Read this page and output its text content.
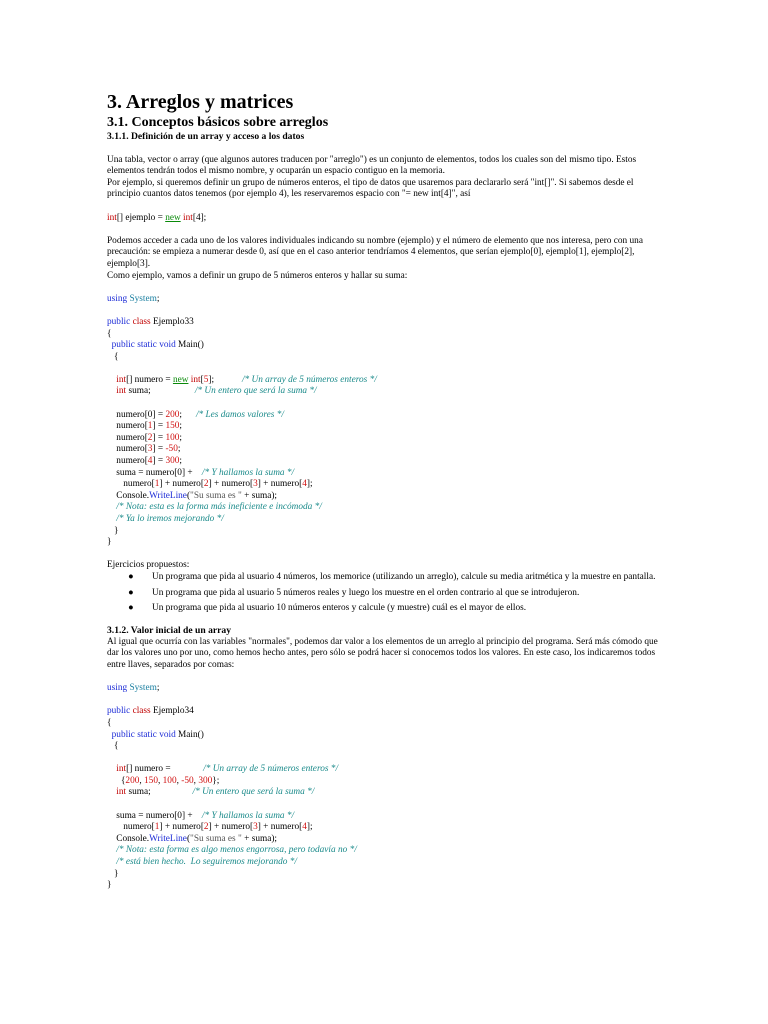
3. Arreglos y matrices
3.1. Conceptos básicos sobre arreglos
3.1.1. Definición de un array y acceso a los datos

Una tabla, vector o array (que algunos autores traducen por "arreglo") es un conjunto de elementos, todos los cuales son del mismo tipo. Estos elementos tendrán todos el mismo nombre, y ocuparán un espacio contiguo en la memoria.

Por ejemplo, si queremos definir un grupo de números enteros, el tipo de datos que usaremos para declararlo será "int[]". Si sabemos desde el principio cuantos datos tenemos (por ejemplo 4), les reservaremos espacio con "= new int[4]", así

int[] ejemplo = new int[4];

Podemos acceder a cada uno de los valores individuales indicando su nombre (ejemplo) y el número de elemento que nos interesa, pero con una precaución: se empieza a numerar desde 0, así que en el caso anterior tendríamos 4 elementos, que serían ejemplo[0], ejemplo[1], ejemplo[2], ejemplo[3].

Como ejemplo, vamos a definir un grupo de 5 números enteros y hallar su suma:

using System;

public class Ejemplo33
{
public static void Main()
{

int[] numero = new int[5];	/* Un array de 5 números enteros */
int suma;	/* Un entero que será la suma */

numero[0] = 200; /* Les damos valores */
numero[1] = 150;
numero[2] = 100;
numero[3] = -50;
numero[4] = 300;
suma = numero[0] + /* Y hallamos la suma */
numero[1] + numero[2] + numero[3] + numero[4];
Console.WriteLine("Su suma es " + suma);
/* Nota: esta es la forma más ineficiente e incómoda */
/* Ya lo iremos mejorando */
}
}

Ejercicios propuestos:

● Un programa que pida al usuario 4 números, los memorice (utilizando un arreglo), calcule su media aritmética y la muestre en pantalla.
● Un programa que pida al usuario 5 números reales y luego los muestre en el orden contrario al que se introdujeron.
● Un programa que pida al usuario 10 números enteros y calcule (y muestre) cuál es el mayor de ellos.
3.1.2. Valor inicial de un array

Al igual que ocurría con las variables "normales", podemos dar valor a los elementos de un arreglo al principio del programa. Será más cómodo que dar los valores uno por uno, como hemos hecho antes, pero sólo se podrá hacer si conocemos todos los valores. En este caso, los indicaremos todos entre llaves, separados por comas:

using System;

public class Ejemplo34
{
public static void Main()
{

int[] numero =	/* Un array de 5 números enteros */
{200, 150, 100, -50, 300};
int suma;	/* Un entero que será la suma */

suma = numero[0] + /* Y hallamos la suma */
numero[1] + numero[2] + numero[3] + numero[4];
Console.WriteLine("Su suma es " + suma);
/* Nota: esta forma es algo menos engorrosa, pero todavía no */
/* está bien hecho.  Lo seguiremos mejorando */
}
}
